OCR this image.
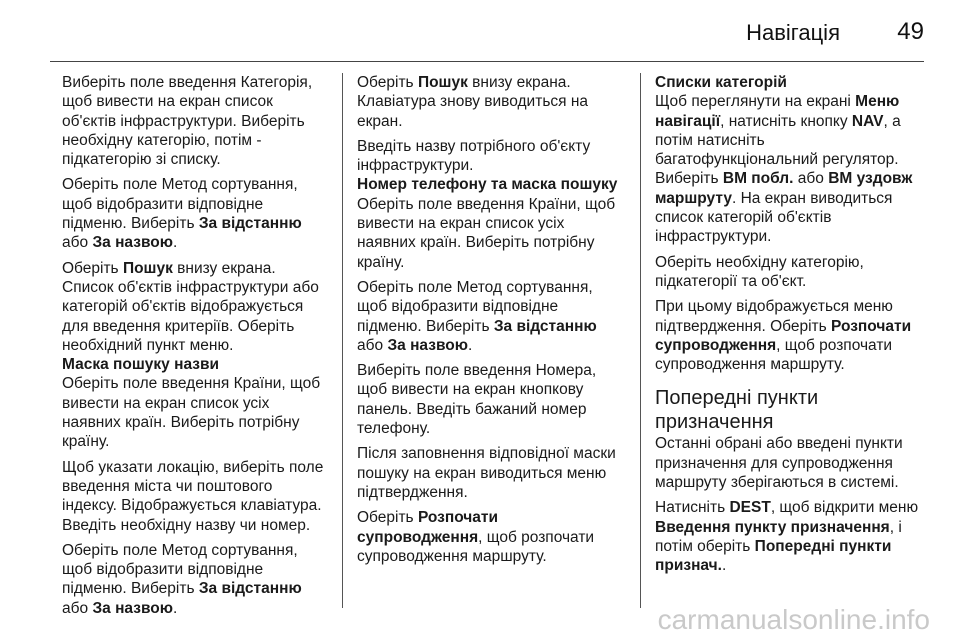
Навігація 49

Виберіть поле введення Категорія, щоб вивести на екран список об'єктів інфраструктури. Виберіть необхідну категорію, потім - підкатегорію зі списку.

Оберіть поле Метод сортування, щоб відобразити відповідне підменю. Виберіть За відстанню або За назвою.

Оберіть Пошук внизу екрана. Список об'єктів інфраструктури або категорій об'єктів відображується для введення критеріїв. Оберіть необхідний пункт меню.

Маска пошуку назви
Оберіть поле введення Країни, щоб вивести на екран список усіх наявних країн. Виберіть потрібну країну.

Щоб указати локацію, виберіть поле введення міста чи поштового індексу. Відображується клавіатура. Введіть необхідну назву чи номер.

Оберіть поле Метод сортування, щоб відобразити відповідне підменю. Виберіть За відстанню або За назвою.

Оберіть Пошук внизу екрана. Клавіатура знову виводиться на екран.

Введіть назву потрібного об'єкту інфраструктури.

Номер телефону та маска пошуку
Оберіть поле введення Країни, щоб вивести на екран список усіх наявних країн. Виберіть потрібну країну.

Оберіть поле Метод сортування, щоб відобразити відповідне підменю. Виберіть За відстанню або За назвою.

Виберіть поле введення Номера, щоб вивести на екран кнопкову панель. Введіть бажаний номер телефону.

Після заповнення відповідної маски пошуку на екран виводиться меню підтвердження.

Оберіть Розпочати супроводження, щоб розпочати супроводження маршруту.

Списки категорій
Щоб переглянути на екрані Меню навігації, натисніть кнопку NAV, а потім натисніть багатофункціональний регулятор. Виберіть ВМ побл. або ВМ уздовж маршруту. На екран виводиться список категорій об'єктів інфраструктури.

Оберіть необхідну категорію, підкатегорії та об'єкт.

При цьому відображується меню підтвердження. Оберіть Розпочати супроводження, щоб розпочати супроводження маршруту.

Попередні пункти призначення

Останні обрані або введені пункти призначення для супроводження маршруту зберігаються в системі.

Натисніть DEST, щоб відкрити меню Введення пункту призначення, і потім оберіть Попередні пункти признач..

carmanualsonline.info
